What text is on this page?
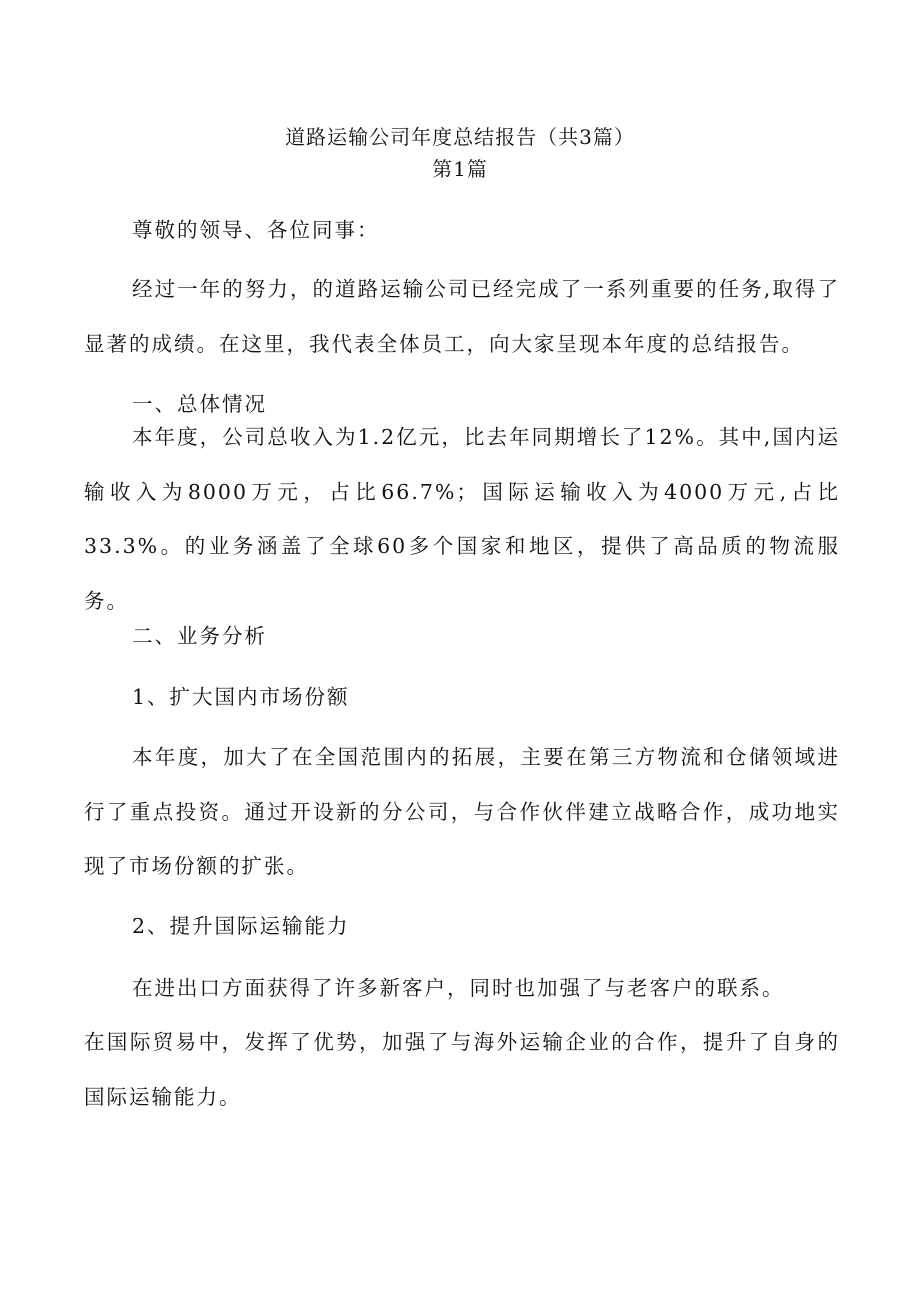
道路运输公司年度总结报告（共3篇）
第1篇

尊敬的领导、各位同事：

经过一年的努力，的道路运输公司已经完成了一系列重要的任务,取得了显著的成绩。在这里，我代表全体员工，向大家呈现本年度的总结报告。

一、总体情况

本年度，公司总收入为1.2亿元，比去年同期增长了12%。其中,国内运输收入为8000万元，占比66.7%；国际运输收入为4000万元,占比33.3%。的业务涵盖了全球60多个国家和地区，提供了高品质的物流服务。

二、业务分析

1、扩大国内市场份额

本年度，加大了在全国范围内的拓展，主要在第三方物流和仓储领域进行了重点投资。通过开设新的分公司，与合作伙伴建立战略合作，成功地实现了市场份额的扩张。

2、提升国际运输能力

在进出口方面获得了许多新客户，同时也加强了与老客户的联系。

在国际贸易中，发挥了优势，加强了与海外运输企业的合作，提升了自身的国际运输能力。
